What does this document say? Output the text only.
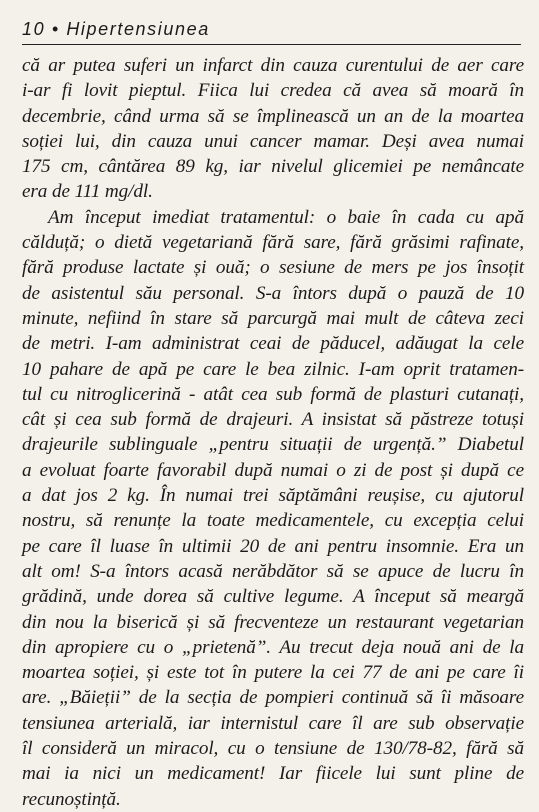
10 • Hipertensiunea
că ar putea suferi un infarct din cauza curentului de aer care
i-ar fi lovit pieptul. Fiica lui credea că avea să moară în
decembrie, când urma să se împlinească un an de la moartea
soției lui, din cauza unui cancer mamar. Deși avea numai
175 cm, cântărea 89 kg, iar nivelul glicemiei pe nemâncate
era de 111 mg/dl.
Am început imediat tratamentul: o baie în cada cu apă
călduță; o dietă vegetariană fără sare, fără grăsimi rafinate,
fără produse lactate și ouă; o sesiune de mers pe jos însoțit
de asistentul său personal. S-a întors după o pauză de 10
minute, nefiind în stare să parcurgă mai mult de câteva zeci
de metri. I-am administrat ceai de păducel, adăugat la cele
10 pahare de apă pe care le bea zilnic. I-am oprit tratamen-
tul cu nitroglicerină - atât cea sub formă de plasturi cutanați,
cât și cea sub formă de drajeuri. A insistat să păstreze totuși
drajeurile sublinguale „pentru situații de urgență.” Diabetul
a evoluat foarte favorabil după numai o zi de post și după ce
a dat jos 2 kg. În numai trei săptămâni reușise, cu ajutorul
nostru, să renunțe la toate medicamentele, cu excepția celui
pe care îl luase în ultimii 20 de ani pentru insomnie. Era un
alt om! S-a întors acasă nerăbdător să se apuce de lucru în
grădină, unde dorea să cultive legume. A început să meargă
din nou la biserică și să frecventeze un restaurant vegetarian
din apropiere cu o „prietenă”. Au trecut deja nouă ani de la
moartea soției, și este tot în putere la cei 77 de ani pe care îi
are. „Băieții” de la secția de pompieri continuă să îi măsoare
tensiunea arterială, iar internistul care îl are sub observație
îl consideră un miracol, cu o tensiune de 130/78-82, fără să
mai ia nici un medicament! Iar fiicele lui sunt pline de
recunoștință.
